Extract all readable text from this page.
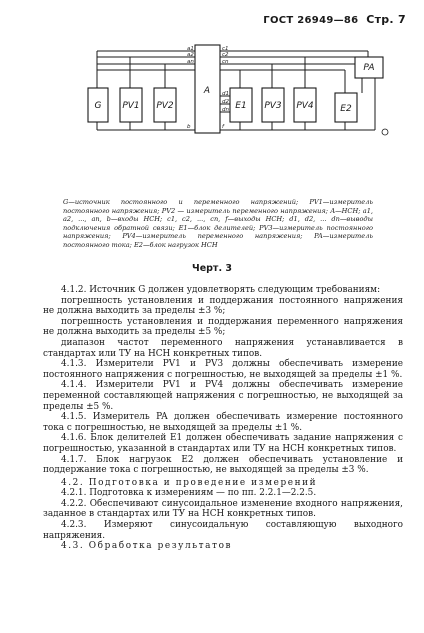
ГОСТ 26949—86 Стр. 7
G PV1 PV2
A
E1 PV3 PV4	E2
PA
a1
a2
an
b
c1
c2
cn
d1
d2
dn
f
G—источник постоянного и переменного напряжений; PV1—измеритель постоянного напряжения; PV2 — измеритель переменного напряжения; A—НСН; a1, a2, ..., an, b—входы НСН; c1, c2, ..., cn, f—выходы НСН; d1, d2, ... dn—выводы подключения обратной связи; E1—блок делителей; PV3—измеритель постоянного напряжения; PV4—измеритель переменного напряжения; PA—измеритель постоянного тока; E2—блок нагрузок НСН
Черт. 3

4.1.2. Источник G должен удовлетворять следующим требованиям:

погрешность установления и поддержания постоянного напряжения не должна выходить за пределы ±3 %;

погрешность установления и поддержания переменного напряжения не должна выходить за пределы ±5 %;

диапазон частот переменного напряжения устанавливается в стандартах или ТУ на НСН конкретных типов.

4.1.3. Измерители PV1 и PV3 должны обеспечивать измерение постоянного напряжения с погрешностью, не выходящей за пределы ±1 %.

4.1.4. Измерители PV1 и PV4 должны обеспечивать измерение переменной составляющей напряжения с погрешностью, не выходящей за пределы ±5 %.

4.1.5. Измеритель PA должен обеспечивать измерение постоянного тока с погрешностью, не выходящей за пределы ±1 %.

4.1.6. Блок делителей E1 должен обеспечивать задание напряжения с погрешностью, указанной в стандартах или ТУ на НСН конкретных типов.

4.1.7. Блок нагрузок E2 должен обеспечивать установление и поддержание тока с погрешностью, не выходящей за пределы ±3 %.

4.2. Подготовка и проведение измерений

4.2.1. Подготовка к измерениям — по пп. 2.2.1—2.2.5.

4.2.2. Обеспечивают синусоидальное изменение входного напряжения, заданное в стандартах или ТУ на НСН конкретных типов.

4.2.3. Измеряют синусоидальную составляющую выходного напряжения.

4.3. Обработка результатов
